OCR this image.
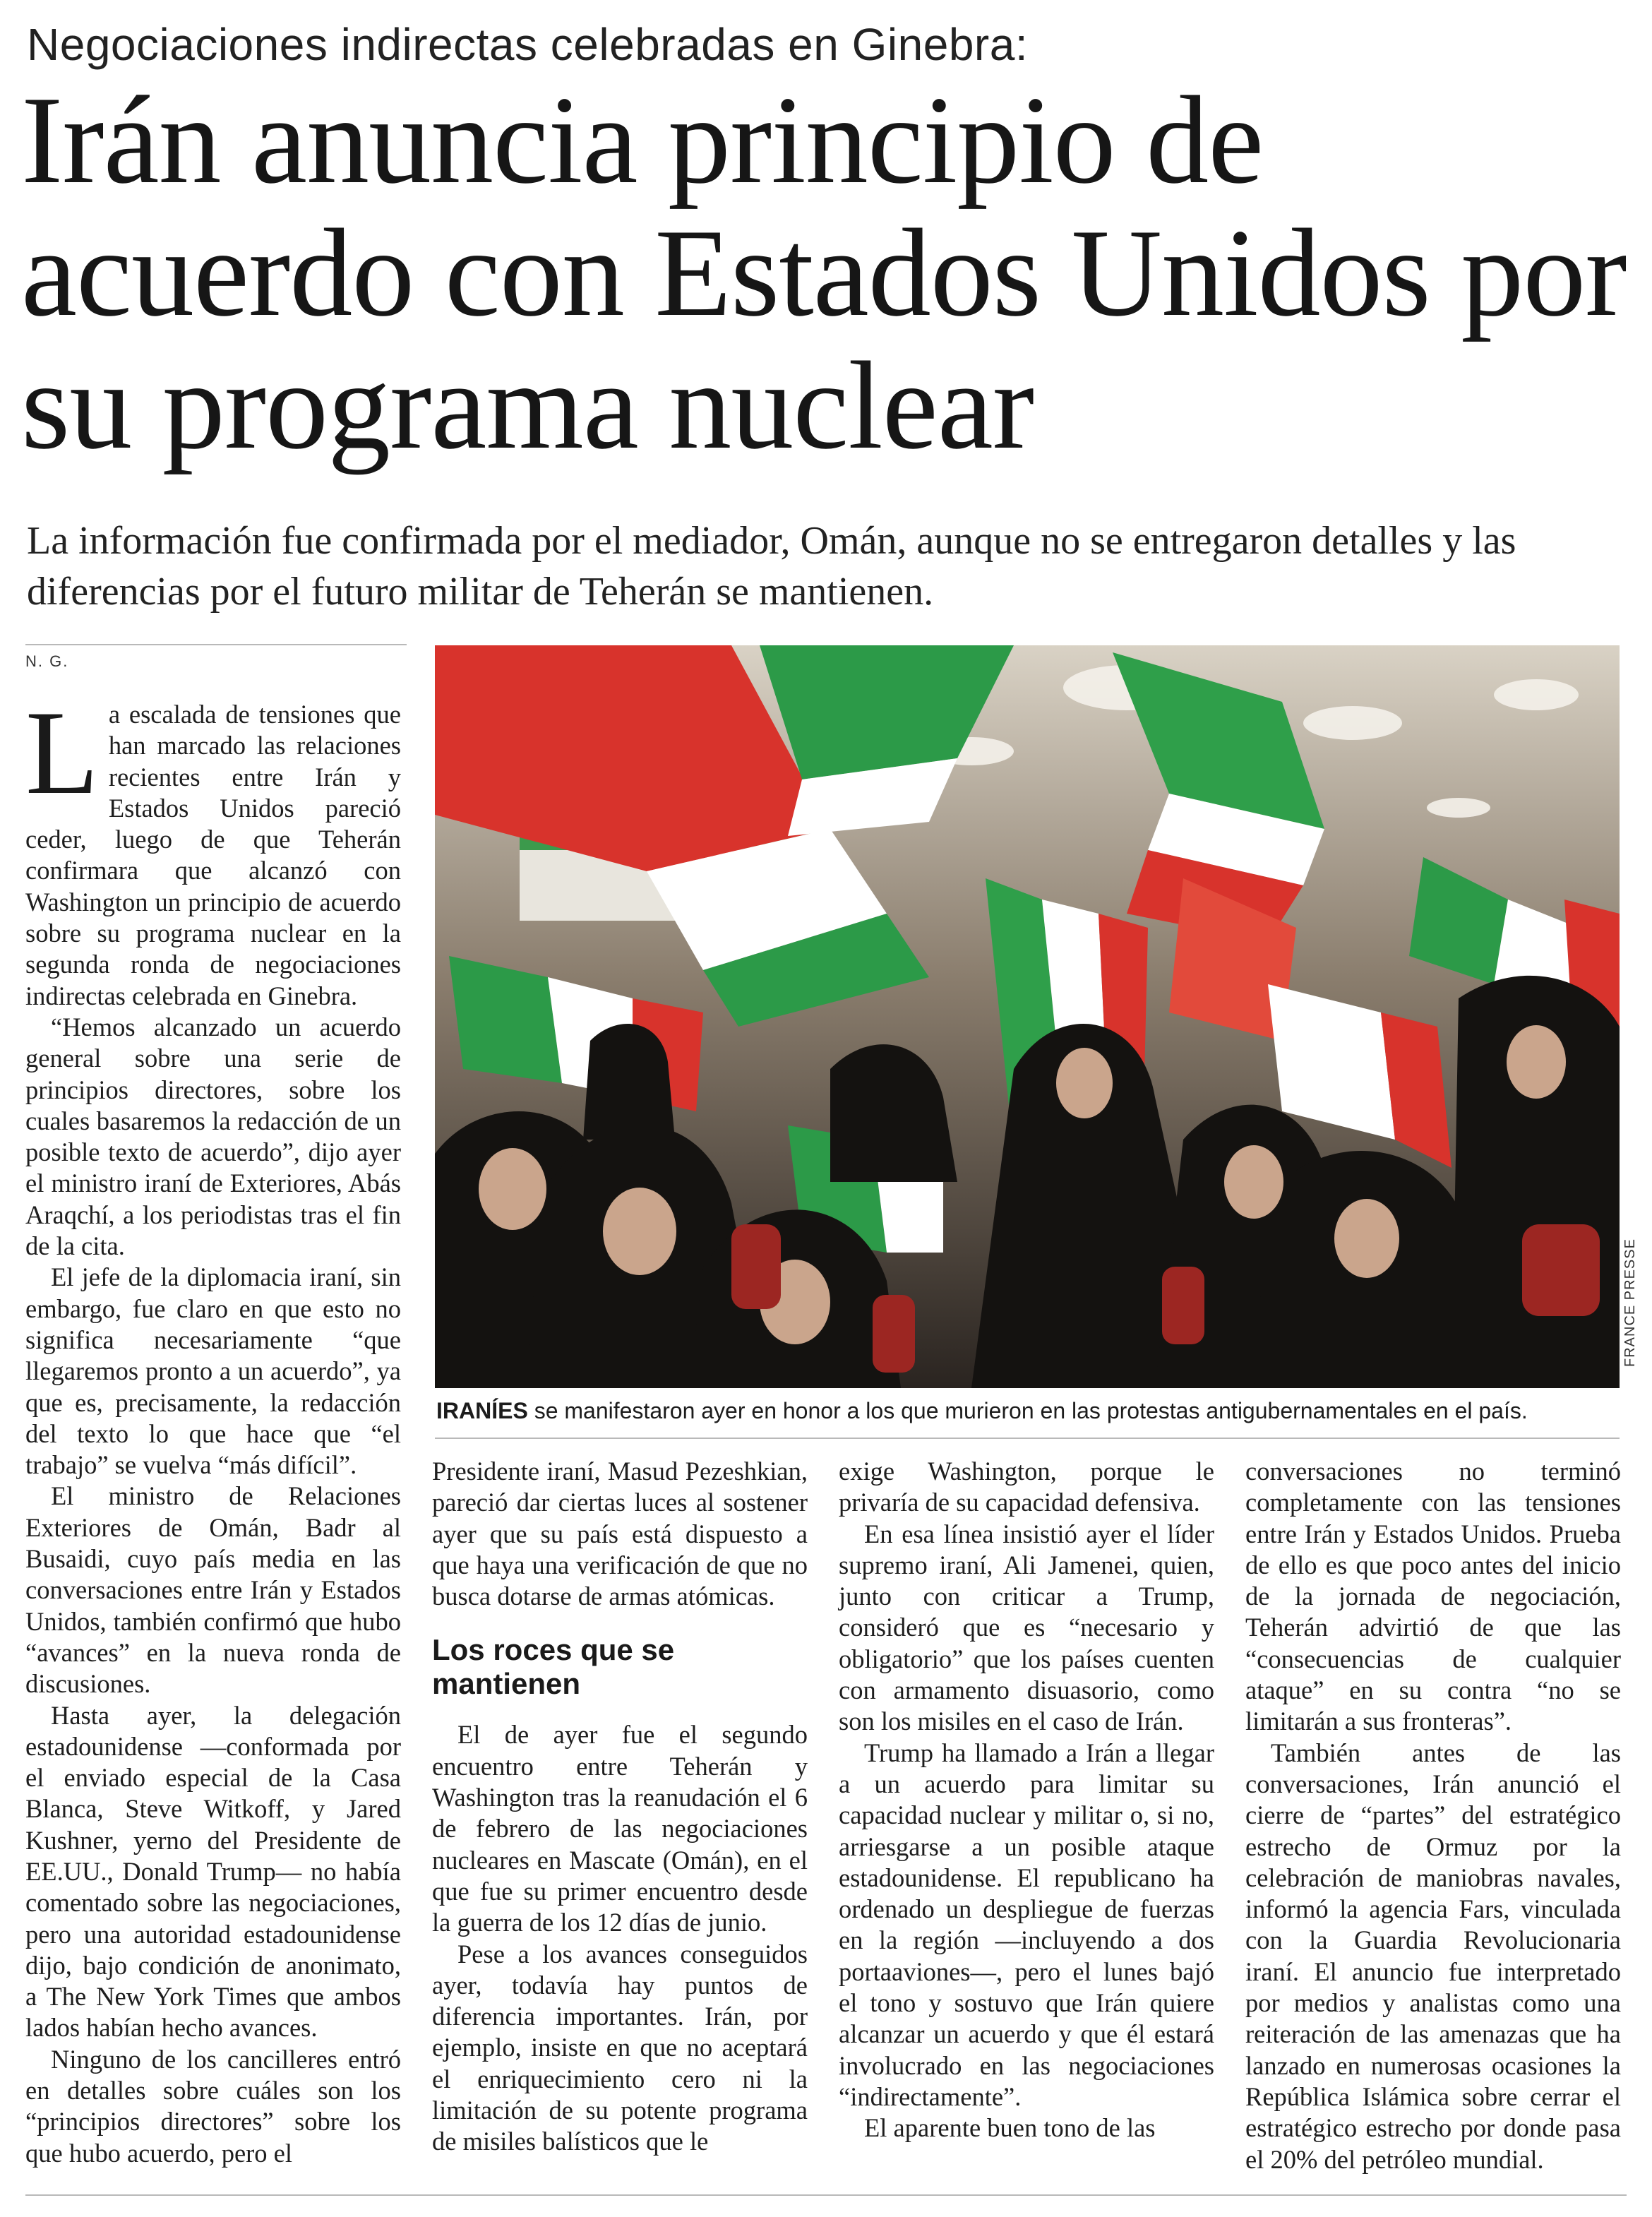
Negociaciones indirectas celebradas en Ginebra:
Irán anuncia principio de acuerdo con Estados Unidos por su programa nuclear
La información fue confirmada por el mediador, Omán, aunque no se entregaron detalles y las diferencias por el futuro militar de Teherán se mantienen.
N. G.
FRANCE PRESSE
IRANÍES se manifestaron ayer en honor a los que murieron en las protestas antigubernamentales en el país.

La escalada de tensiones que han marcado las relaciones recientes entre Irán y Estados Unidos pareció ceder, luego de que Teherán confirmara que alcanzó con Washington un principio de acuerdo sobre su programa nuclear en la segunda ronda de negociaciones indirectas celebrada en Ginebra.

“Hemos alcanzado un acuerdo general sobre una serie de principios directores, sobre los cuales basaremos la redacción de un posible texto de acuerdo”, dijo ayer el ministro iraní de Exteriores, Abás Araqchí, a los periodistas tras el fin de la cita.

El jefe de la diplomacia iraní, sin embargo, fue claro en que esto no significa necesariamente “que llegaremos pronto a un acuerdo”, ya que es, precisamente, la redacción del texto lo que hace que “el trabajo” se vuelva “más difícil”.

El ministro de Relaciones Exteriores de Omán, Badr al Busaidi, cuyo país media en las conversaciones entre Irán y Estados Unidos, también confirmó que hubo “avances” en la nueva ronda de discusiones.

Hasta ayer, la delegación estadounidense —conformada por el enviado especial de la Casa Blanca, Steve Witkoff, y Jared Kushner, yerno del Presidente de EE.UU., Donald Trump— no había comentado sobre las negociaciones, pero una autoridad estadounidense dijo, bajo condición de anonimato, a The New York Times que ambos lados habían hecho avances.

Ninguno de los cancilleres entró en detalles sobre cuáles son los “principios directores” sobre los que hubo acuerdo, pero el

Presidente iraní, Masud Pezeshkian, pareció dar ciertas luces al sostener ayer que su país está dispuesto a que haya una verificación de que no busca dotarse de armas atómicas.

Los roces que se mantienen

El de ayer fue el segundo encuentro entre Teherán y Washington tras la reanudación el 6 de febrero de las negociaciones nucleares en Mascate (Omán), en el que fue su primer encuentro desde la guerra de los 12 días de junio.

Pese a los avances conseguidos ayer, todavía hay puntos de diferencia importantes. Irán, por ejemplo, insiste en que no aceptará el enriquecimiento cero ni la limitación de su potente programa de misiles balísticos que le

exige Washington, porque le privaría de su capacidad defensiva.

En esa línea insistió ayer el líder supremo iraní, Ali Jamenei, quien, junto con criticar a Trump, consideró que es “necesario y obligatorio” que los países cuenten con armamento disuasorio, como son los misiles en el caso de Irán.

Trump ha llamado a Irán a llegar a un acuerdo para limitar su capacidad nuclear y militar o, si no, arriesgarse a un posible ataque estadounidense. El republicano ha ordenado un despliegue de fuerzas en la región —incluyendo a dos portaaviones—, pero el lunes bajó el tono y sostuvo que Irán quiere alcanzar un acuerdo y que él estará involucrado en las negociaciones “indirectamente”.

El aparente buen tono de las

conversaciones no terminó completamente con las tensiones entre Irán y Estados Unidos. Prueba de ello es que poco antes del inicio de la jornada de negociación, Teherán advirtió de que las “consecuencias de cualquier ataque” en su contra “no se limitarán a sus fronteras”.

También antes de las conversaciones, Irán anunció el cierre de “partes” del estratégico estrecho de Ormuz por la celebración de maniobras navales, informó la agencia Fars, vinculada con la Guardia Revolucionaria iraní. El anuncio fue interpretado por medios y analistas como una reiteración de las amenazas que ha lanzado en numerosas ocasiones la República Islámica sobre cerrar el estratégico estrecho por donde pasa el 20% del petróleo mundial.
